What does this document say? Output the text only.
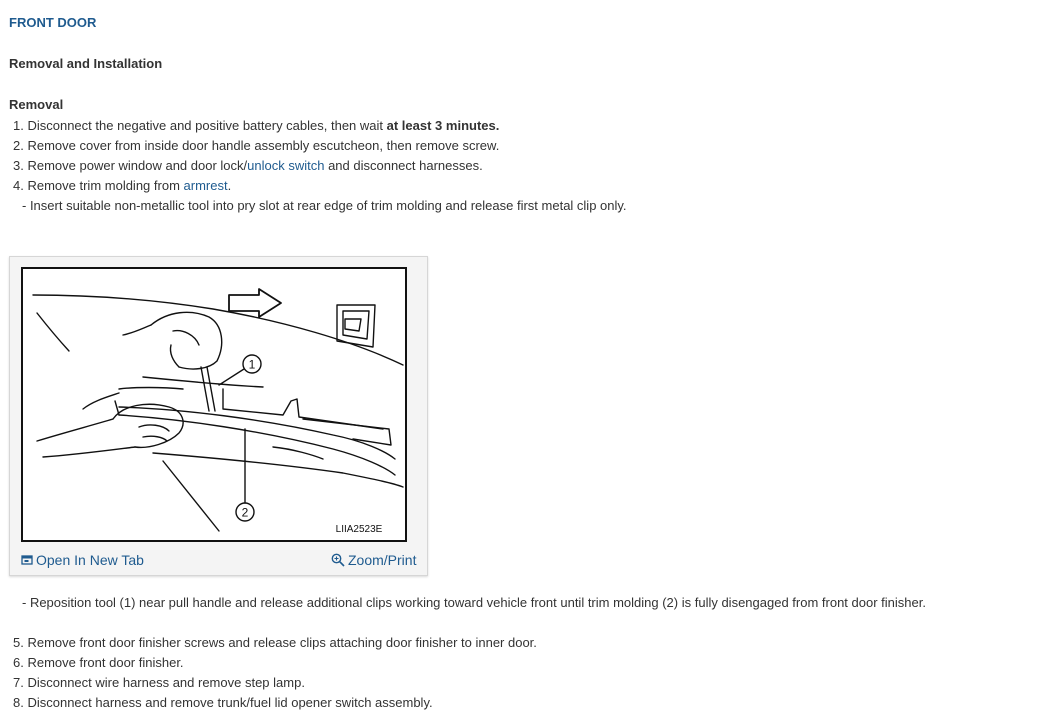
FRONT DOOR
Removal and Installation
Removal
1. Disconnect the negative and positive battery cables, then wait at least 3 minutes.
2. Remove cover from inside door handle assembly escutcheon, then remove screw.
3. Remove power window and door lock/unlock switch and disconnect harnesses.
4. Remove trim molding from armrest.
- Insert suitable non-metallic tool into pry slot at rear edge of trim molding and release first metal clip only.
1
2
LIIA2523E
Open In New Tab	Zoom/Print
- Reposition tool (1) near pull handle and release additional clips working toward vehicle front until trim molding (2) is fully disengaged from front door finisher.
5. Remove front door finisher screws and release clips attaching door finisher to inner door.
6. Remove front door finisher.
7. Disconnect wire harness and remove step lamp.
8. Disconnect harness and remove trunk/fuel lid opener switch assembly.
